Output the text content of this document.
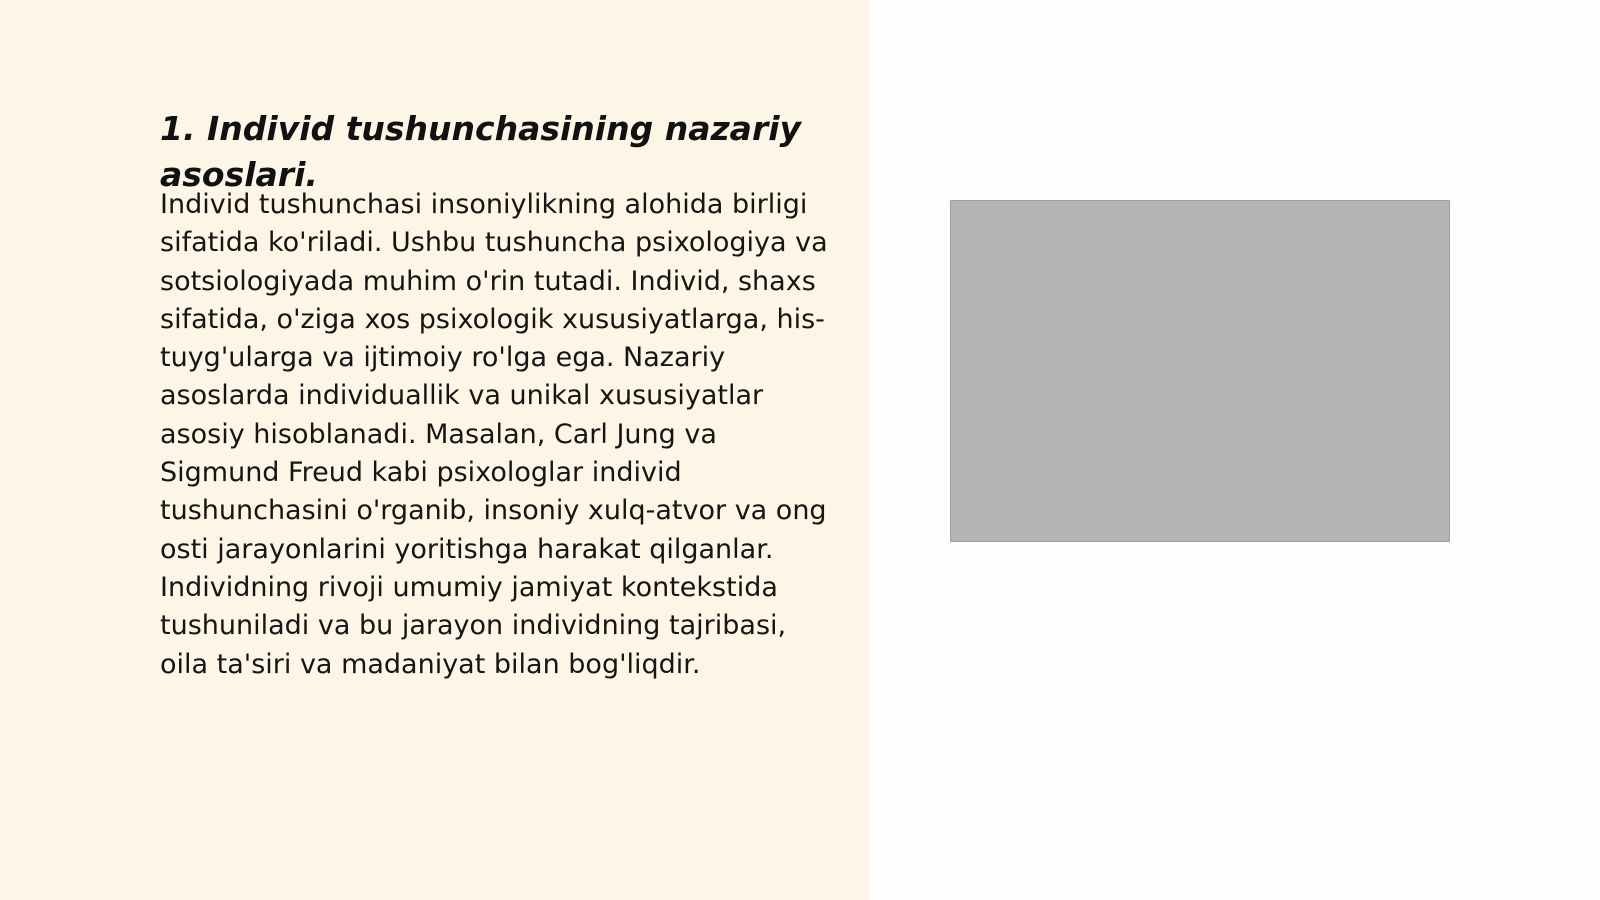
1. Individ tushunchasining nazariy asoslari.

Individ tushunchasi insoniylikning alohida birligi sifatida ko'riladi. Ushbu tushuncha psixologiya va sotsiologiyada muhim o'rin tutadi. Individ, shaxs sifatida, o'ziga xos psixologik xususiyatlarga, his-tuyg'ularga va ijtimoiy ro'lga ega. Nazariy asoslarda individuallik va unikal xususiyatlar asosiy hisoblanadi. Masalan, Carl Jung va Sigmund Freud kabi psixologlar individ tushunchasini o'rganib, insoniy xulq-atvor va ong osti jarayonlarini yoritishga harakat qilganlar. Individning rivoji umumiy jamiyat kontekstida tushuniladi va bu jarayon individning tajribasi, oila ta'siri va madaniyat bilan bog'liqdir.
